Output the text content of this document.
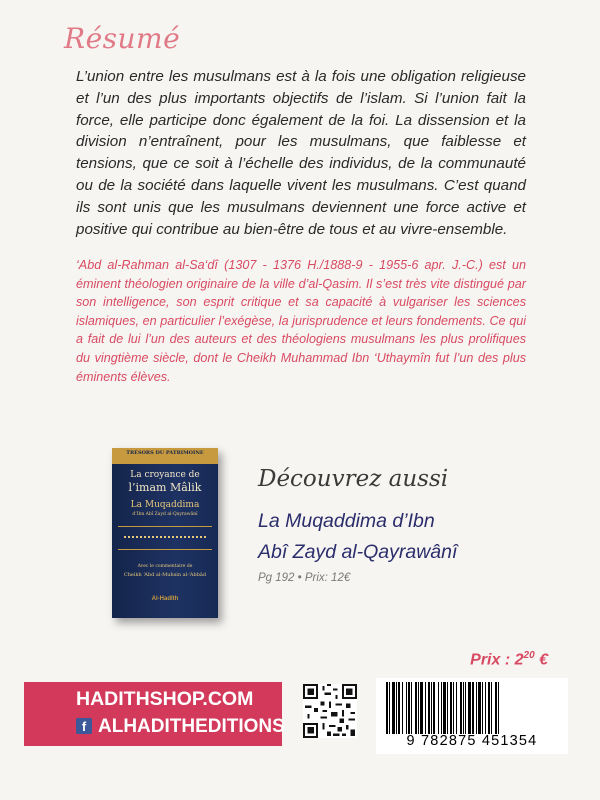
Résumé

L’union entre les musulmans est à la fois une obligation religieuse et l’un des plus importants objectifs de l’islam. Si l’union fait la force, elle participe donc également de la foi. La dissension et la division n’entraînent, pour les musulmans, que faiblesse et tensions, que ce soit à l’échelle des individus, de la communauté ou de la société dans laquelle vivent les musulmans. C’est quand ils sont unis que les musulmans deviennent une force active et positive qui contribue au bien-être de tous et au vivre-ensemble.

‘Abd al-Rahman al-Sa‘dî (1307 - 1376 H./1888-9 - 1955-6 apr. J.-C.) est un éminent théologien originaire de la ville d’al-Qasim. Il s’est très vite distingué par son intelligence, son esprit critique et sa capacité à vulgariser les sciences islamiques, en particulier l’exégèse, la jurisprudence et leurs fondements. Ce qui a fait de lui l’un des auteurs et des théologiens musulmans les plus prolifiques du vingtième siècle, dont le Cheikh Muhammad Ibn ‘Uthaymîn fut l’un des plus éminents élèves.

TRÉSORS DU PATRIMOINE
La croyance de
l’imam Mâlik
La Muqaddima
d’Ibn Abî Zayd al-Qayrawânî
Avec le commentaire de
Cheikh ‘Abd al-Muhsin al-‘Abbâd
Al-Hadîth
Découvrez aussi
La Muqaddima d’Ibn
Abî Zayd al-Qayrawânî
Pg 192 • Prix: 12€
Prix : $2^{20}$ €
HADITHSHOP.COM
f ALHADITHEDITIONS
9 782875 451354
